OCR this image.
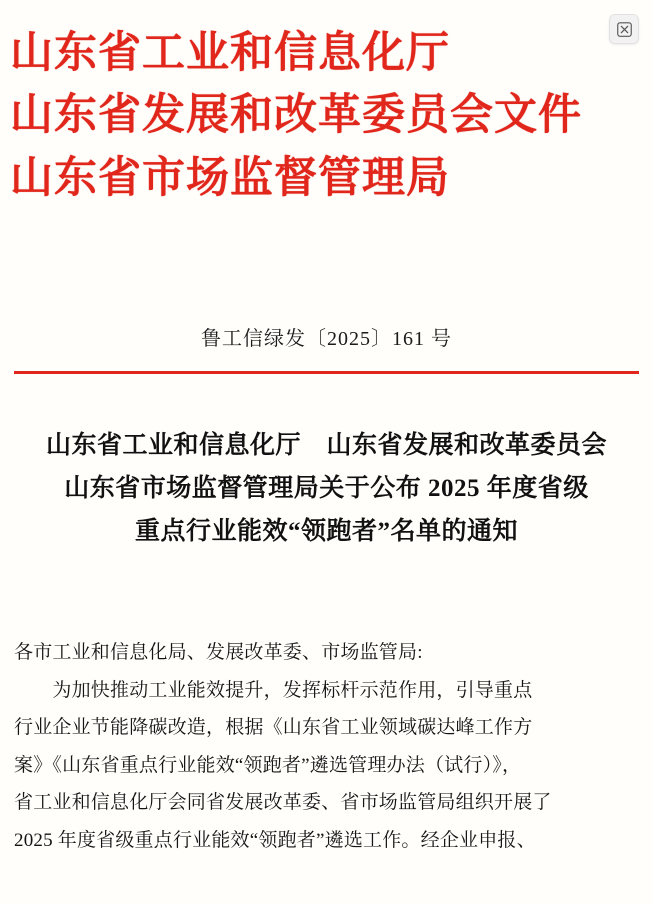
山东省工业和信息化厅
山东省发展和改革委员会文件
山东省市场监督管理局
鲁工信绿发〔2025〕161 号
山东省工业和信息化厅　山东省发展和改革委员会
山东省市场监督管理局关于公布 2025 年度省级
重点行业能效“领跑者”名单的通知
各市工业和信息化局、发展改革委、市场监管局:
　　为加快推动工业能效提升，发挥标杆示范作用，引导重点
行业企业节能降碳改造，根据《山东省工业领域碳达峰工作方
案》《山东省重点行业能效“领跑者”遴选管理办法（试行）》，
省工业和信息化厅会同省发展改革委、省市场监管局组织开展了
2025 年度省级重点行业能效“领跑者”遴选工作。经企业申报、
